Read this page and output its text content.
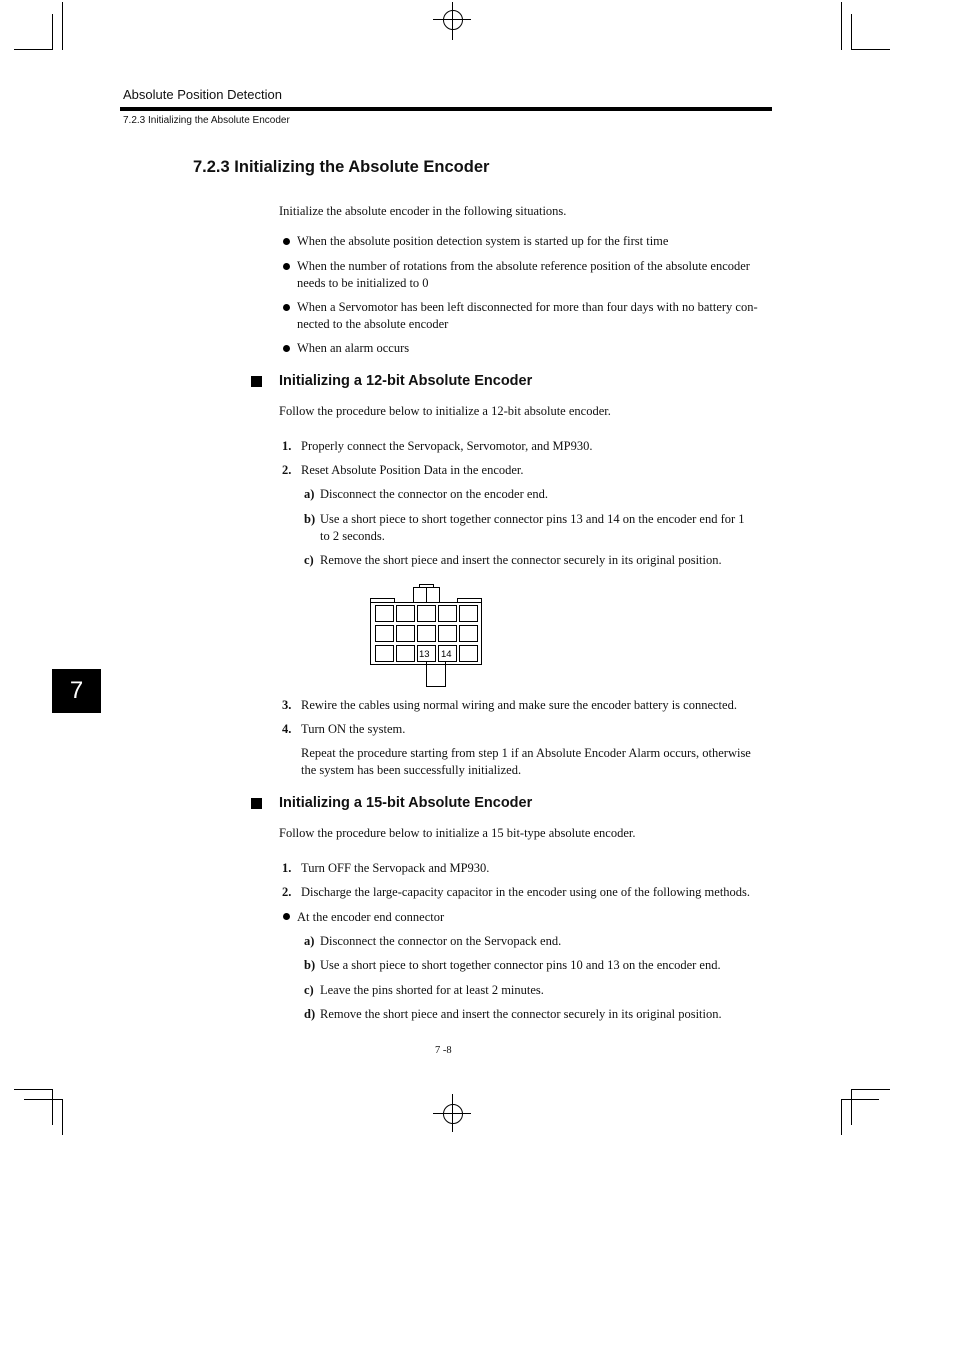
Absolute Position Detection
7.2.3 Initializing the Absolute Encoder
7.2.3 Initializing the Absolute Encoder
Initialize the absolute encoder in the following situations.
When the absolute position detection system is started up for the first time
When the number of rotations from the absolute reference position of the absolute encoder
needs to be initialized to 0
When a Servomotor has been left disconnected for more than four days with no battery con-
nected to the absolute encoder
When an alarm occurs
Initializing a 12-bit Absolute Encoder
Follow the procedure below to initialize a 12-bit absolute encoder.
1. Properly connect the Servopack, Servomotor, and MP930.
2. Reset Absolute Position Data in the encoder.
a) Disconnect the connector on the encoder end.
b) Use a short piece to short together connector pins 13 and 14 on the encoder end for 1
to 2 seconds.
c) Remove the short piece and insert the connector securely in its original position.
13 14
3. Rewire the cables using normal wiring and make sure the encoder battery is connected.
4. Turn ON the system.
Repeat the procedure starting from step 1 if an Absolute Encoder Alarm occurs, otherwise
the system has been successfully initialized.
7
Initializing a 15-bit Absolute Encoder
Follow the procedure below to initialize a 15 bit-type absolute encoder.
1. Turn OFF the Servopack and MP930.
2. Discharge the large-capacity capacitor in the encoder using one of the following methods.
At the encoder end connector
a) Disconnect the connector on the Servopack end.
b) Use a short piece to short together connector pins 10 and 13 on the encoder end.
c) Leave the pins shorted for at least 2 minutes.
d) Remove the short piece and insert the connector securely in its original position.
7 -8
